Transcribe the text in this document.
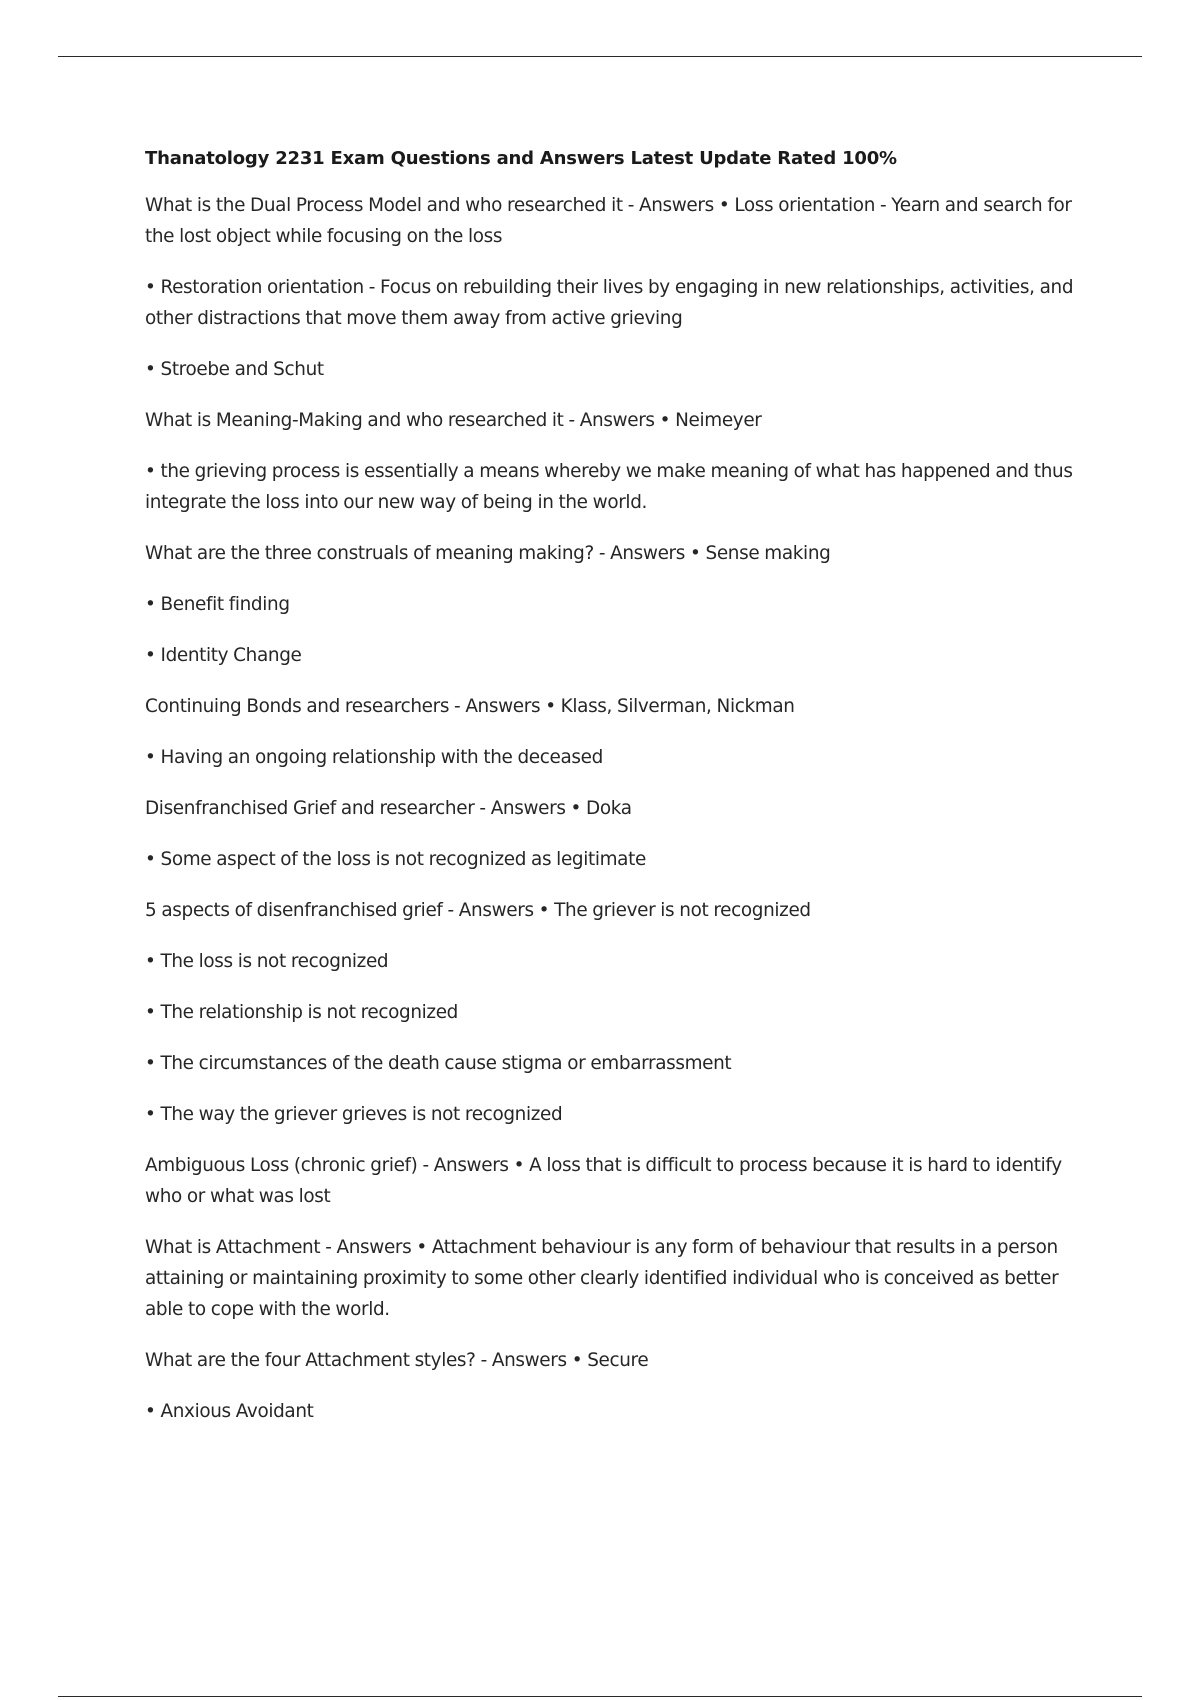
Thanatology 2231 Exam Questions and Answers Latest Update Rated 100%

What is the Dual Process Model and who researched it - Answers • Loss orientation - Yearn and search for the lost object while focusing on the loss

• Restoration orientation - Focus on rebuilding their lives by engaging in new relationships, activities, and other distractions that move them away from active grieving

• Stroebe and Schut

What is Meaning-Making and who researched it - Answers • Neimeyer

• the grieving process is essentially a means whereby we make meaning of what has happened and thus integrate the loss into our new way of being in the world.

What are the three construals of meaning making? - Answers • Sense making

• Benefit finding

• Identity Change

Continuing Bonds and researchers - Answers • Klass, Silverman, Nickman

• Having an ongoing relationship with the deceased

Disenfranchised Grief and researcher - Answers • Doka

• Some aspect of the loss is not recognized as legitimate

5 aspects of disenfranchised grief - Answers • The griever is not recognized

• The loss is not recognized

• The relationship is not recognized

• The circumstances of the death cause stigma or embarrassment

• The way the griever grieves is not recognized

Ambiguous Loss (chronic grief) - Answers • A loss that is difficult to process because it is hard to identify who or what was lost

What is Attachment - Answers • Attachment behaviour is any form of behaviour that results in a person attaining or maintaining proximity to some other clearly identified individual who is conceived as better able to cope with the world.

What are the four Attachment styles? - Answers • Secure

• Anxious Avoidant
